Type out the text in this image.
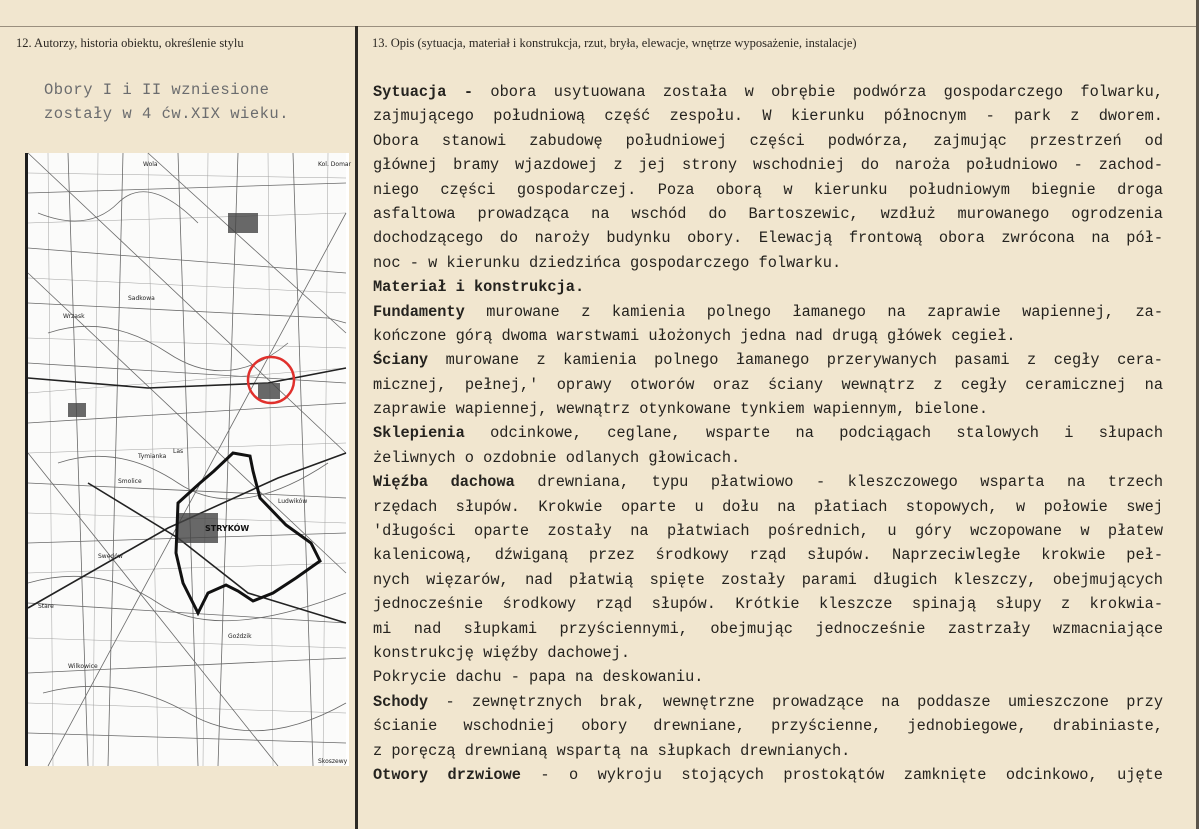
12. Autorzy, historia obiektu, określenie stylu	13. Opis (sytuacja, materiał i konstrukcja, rzut, bryła, elewacje, wnętrze wyposażenie, instalacje)
Obory I i II wzniesione
zostały w 4 ćw.XIX wieku.
Wola	Kol. Domar
Sadkowa
Wrzask
Tymianka
Las
Smolice
Swędów
Stare
Wilkowice
Goździk
Ludwików
Skoszewy
STRYKÓW
Sytuacja - obora usytuowana została w obrębie podwórza gospodarczego folwarku,
zajmującego południową część zespołu. W kierunku północnym - park z dworem.
Obora stanowi zabudowę południowej części podwórza, zajmując przestrzeń od
głównej bramy wjazdowej z jej strony wschodniej do naroża południowo - zachod-
niego części gospodarczej. Poza oborą w kierunku południowym biegnie droga
asfaltowa prowadząca na wschód do Bartoszewic, wzdłuż murowanego ogrodzenia
dochodzącego do naroży budynku obory. Elewacją frontową obora zwrócona na pół-
noc - w kierunku dziedzińca gospodarczego folwarku.
Materiał i konstrukcja.
Fundamenty murowane z kamienia polnego łamanego na zaprawie wapiennej, za-
kończone górą dwoma warstwami ułożonych jedna nad drugą główek cegieł.
Ściany murowane z kamienia polnego łamanego przerywanych pasami z cegły cera-
micznej, pełnej,' oprawy otworów oraz ściany wewnątrz z cegły ceramicznej na
zaprawie wapiennej, wewnątrz otynkowane tynkiem wapiennym, bielone.
Sklepienia odcinkowe, ceglane, wsparte na podciągach stalowych i słupach
żeliwnych o ozdobnie odlanych głowicach.
Więźba dachowa drewniana, typu płatwiowo - kleszczowego wsparta na trzech
rzędach słupów. Krokwie oparte u dołu na płatiach stopowych, w połowie swej
'długości oparte zostały na płatwiach pośrednich, u góry wczopowane w płatew
kalenicową, dźwiganą przez środkowy rząd słupów. Naprzeciwległe krokwie peł-
nych więzarów, nad płatwią spięte zostały parami długich kleszczy, obejmujących
jednocześnie środkowy rząd słupów. Krótkie kleszcze spinają słupy z krokwia-
mi nad słupkami przyściennymi, obejmując jednocześnie zastrzały wzmacniające
konstrukcję więźby dachowej.
Pokrycie dachu - papa na deskowaniu.
Schody - zewnętrznych brak, wewnętrzne prowadzące na poddasze umieszczone przy
ścianie wschodniej obory drewniane, przyścienne, jednobiegowe, drabiniaste,
z poręczą drewnianą wspartą na słupkach drewnianych.
Otwory drzwiowe - o wykroju stojących prostokątów zamknięte odcinkowo, ujęte
